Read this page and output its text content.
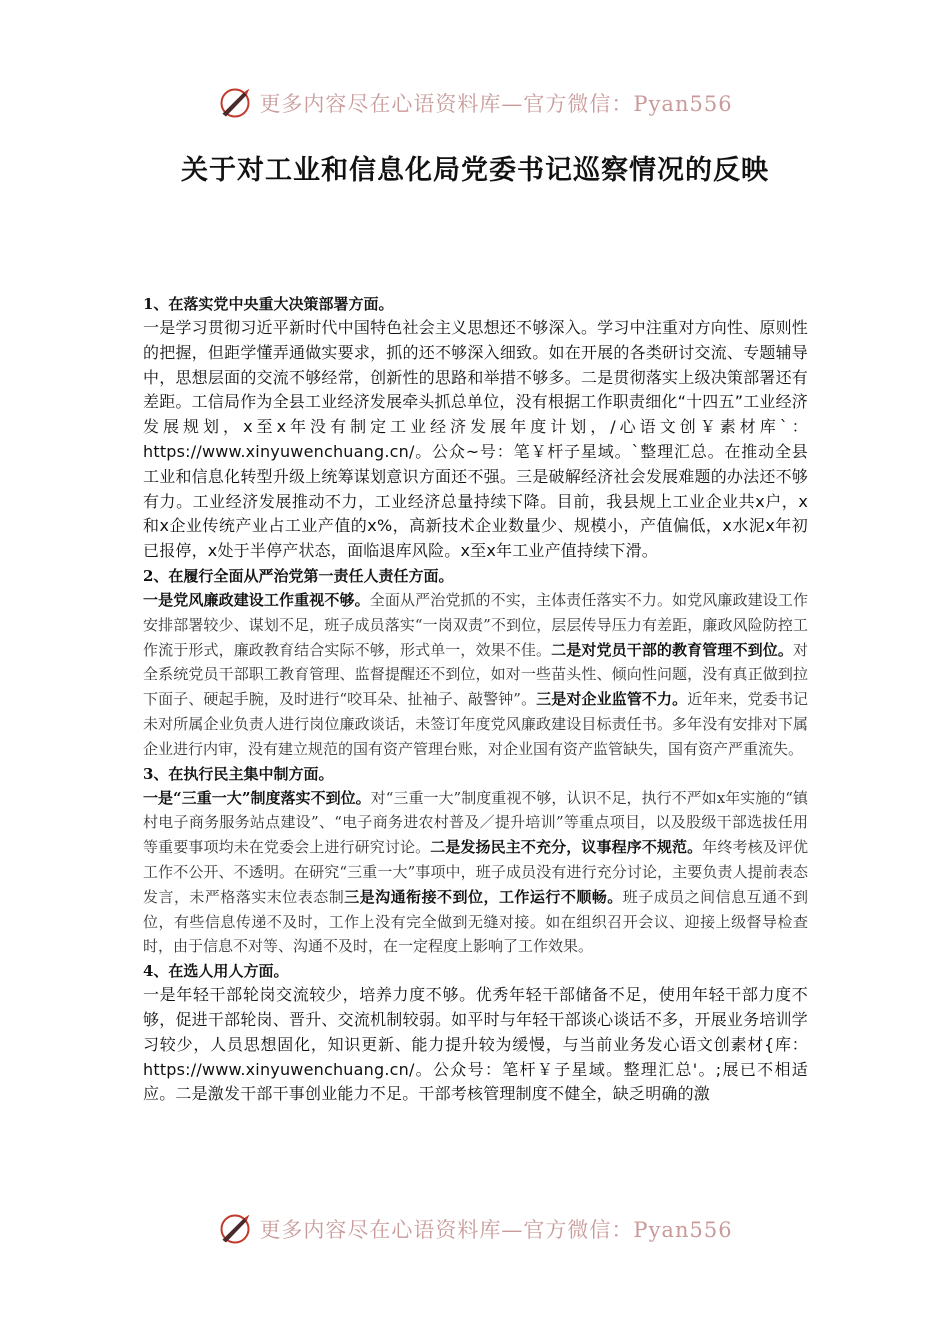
更多内容尽在心语资料库—官方微信：Pyan556
关于对工业和信息化局党委书记巡察情况的反映
1、在落实党中央重大决策部署方面。
一是学习贯彻习近平新时代中国特色社会主义思想还不够深入。学习中注重对方向性、原则性的把握，但距学懂弄通做实要求，抓的还不够深入细致。如在开展的各类研讨交流、专题辅导中，思想层面的交流不够经常，创新性的思路和举措不够多。二是贯彻落实上级决策部署还有差距。工信局作为全县工业经济发展牵头抓总单位，没有根据工作职责细化“十四五”工业经济发展规划，x至x年没有制定工业经济发展年度计划，/心语文创￥素材库`：https://www.xinyuwenchuang.cn/。公众~号：笔￥杆子星域。`整理汇总。在推动全县工业和信息化转型升级上统筹谋划意识方面还不强。三是破解经济社会发展难题的办法还不够有力。工业经济发展推动不力，工业经济总量持续下降。目前，我县规上工业企业共x户，x和x企业传统产业占工业产值的x%，高新技术企业数量少、规模小，产值偏低，x水泥x年初已报停，x处于半停产状态，面临退库风险。x至x年工业产值持续下滑。
2、在履行全面从严治党第一责任人责任方面。
一是党风廉政建设工作重视不够。全面从严治党抓的不实，主体责任落实不力。如党风廉政建设工作安排部署较少、谋划不足，班子成员落实“一岗双责”不到位，层层传导压力有差距，廉政风险防控工作流于形式，廉政教育结合实际不够，形式单一，效果不佳。二是对党员干部的教育管理不到位。对全系统党员干部职工教育管理、监督提醒还不到位，如对一些苗头性、倾向性问题，没有真正做到拉下面子、硬起手腕，及时进行“咬耳朵、扯袖子、敲警钟”。三是对企业监管不力。近年来，党委书记未对所属企业负责人进行岗位廉政谈话，未签订年度党风廉政建设目标责任书。多年没有安排对下属企业进行内审，没有建立规范的国有资产管理台账，对企业国有资产监管缺失，国有资产严重流失。
3、在执行民主集中制方面。
一是“三重一大”制度落实不到位。对“三重一大”制度重视不够，认识不足，执行不严如x年实施的“镇村电子商务服务站点建设”、“电子商务进农村普及／提升培训”等重点项目，以及股级干部选拔任用等重要事项均未在党委会上进行研究讨论。二是发扬民主不充分，议事程序不规范。年终考核及评优工作不公开、不透明。在研究“三重一大”事项中，班子成员没有进行充分讨论，主要负责人提前表态发言，未严格落实末位表态制三是沟通衔接不到位，工作运行不顺畅。班子成员之间信息互通不到位，有些信息传递不及时，工作上没有完全做到无缝对接。如在组织召开会议、迎接上级督导检查时，由于信息不对等、沟通不及时，在一定程度上影响了工作效果。
4、在选人用人方面。
一是年轻干部轮岗交流较少，培养力度不够。优秀年轻干部储备不足，使用年轻干部力度不够，促进干部轮岗、晋升、交流机制较弱。如平时与年轻干部谈心谈话不多，开展业务培训学习较少，人员思想固化，知识更新、能力提升较为缓慢，与当前业务发心语文创素材{库：https://www.xinyuwenchuang.cn/。公众号：笔杆￥子星域。整理汇总'。;展已不相适应。二是激发干部干事创业能力不足。干部考核管理制度不健全，缺乏明确的激
更多内容尽在心语资料库—官方微信：Pyan556
